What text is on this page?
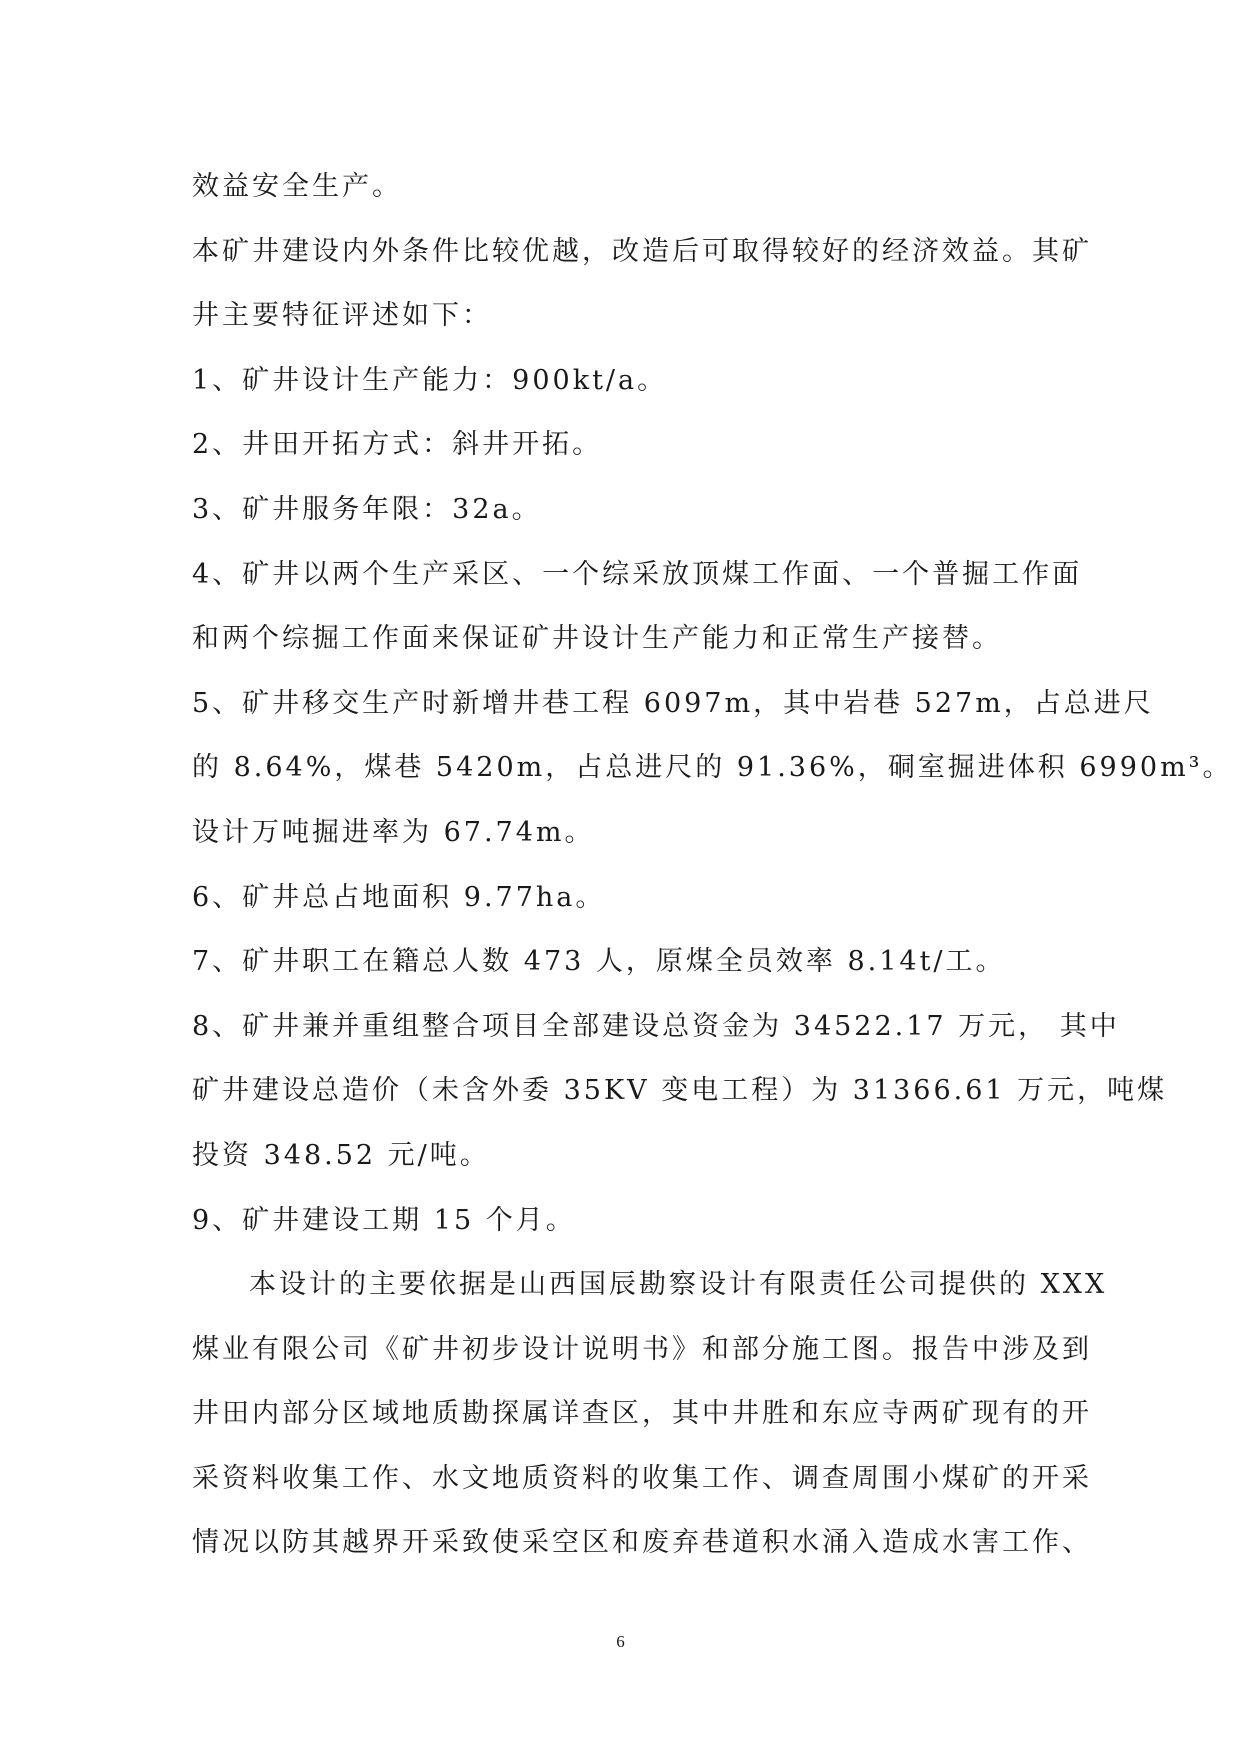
效益安全生产。
本矿井建设内外条件比较优越，改造后可取得较好的经济效益。其矿
井主要特征评述如下：
1、矿井设计生产能力：900kt/a。
2、井田开拓方式：斜井开拓。
3、矿井服务年限：32a。
4、矿井以两个生产采区、一个综采放顶煤工作面、一个普掘工作面
和两个综掘工作面来保证矿井设计生产能力和正常生产接替。
5、矿井移交生产时新增井巷工程 6097m，其中岩巷 527m，占总进尺
的 8.64%，煤巷 5420m，占总进尺的 91.36%，硐室掘进体积 6990m³。
设计万吨掘进率为 67.74m。
6、矿井总占地面积 9.77ha。
7、矿井职工在籍总人数 473 人，原煤全员效率 8.14t/工。
8、矿井兼并重组整合项目全部建设总资金为 34522.17 万元， 其中
矿井建设总造价（未含外委 35KV 变电工程）为 31366.61 万元，吨煤
投资 348.52 元/吨。
9、矿井建设工期 15 个月。
本设计的主要依据是山西国辰勘察设计有限责任公司提供的 XXX
煤业有限公司《矿井初步设计说明书》和部分施工图。报告中涉及到
井田内部分区域地质勘探属详查区，其中井胜和东应寺两矿现有的开
采资料收集工作、水文地质资料的收集工作、调查周围小煤矿的开采
情况以防其越界开采致使采空区和废弃巷道积水涌入造成水害工作、
6
